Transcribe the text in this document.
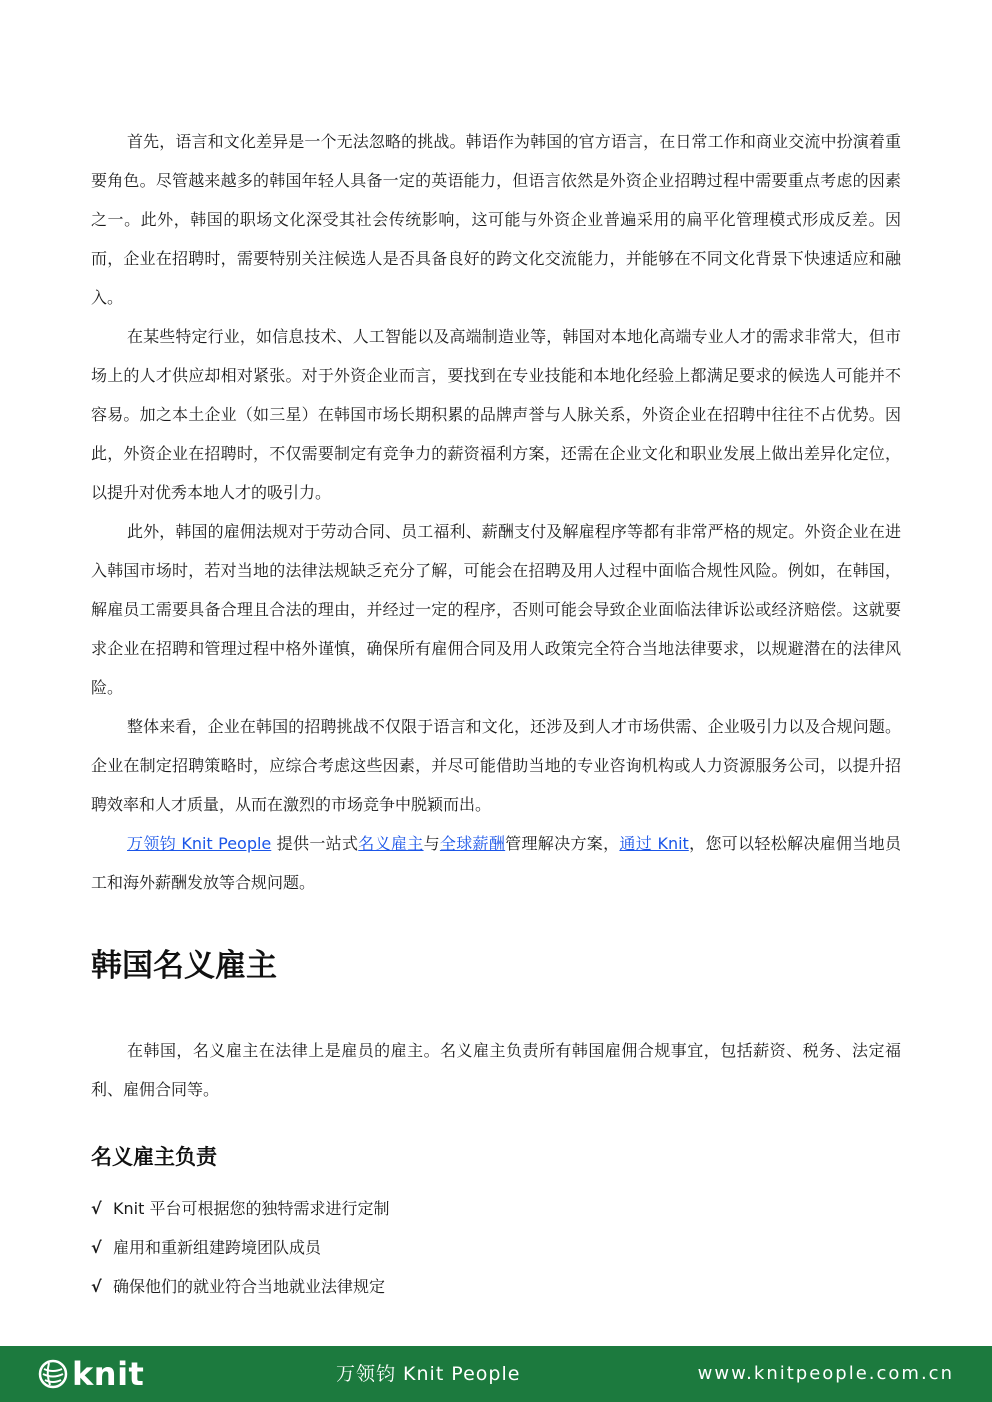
首先，语言和文化差异是一个无法忽略的挑战。韩语作为韩国的官方语言，在日常工作和商业交流中扮演着重要角色。尽管越来越多的韩国年轻人具备一定的英语能力，但语言依然是外资企业招聘过程中需要重点考虑的因素之一。此外，韩国的职场文化深受其社会传统影响，这可能与外资企业普遍采用的扁平化管理模式形成反差。因而，企业在招聘时，需要特别关注候选人是否具备良好的跨文化交流能力，并能够在不同文化背景下快速适应和融入。

在某些特定行业，如信息技术、人工智能以及高端制造业等，韩国对本地化高端专业人才的需求非常大，但市场上的人才供应却相对紧张。对于外资企业而言，要找到在专业技能和本地化经验上都满足要求的候选人可能并不容易。加之本土企业（如三星）在韩国市场长期积累的品牌声誉与人脉关系，外资企业在招聘中往往不占优势。因此，外资企业在招聘时，不仅需要制定有竞争力的薪资福利方案，还需在企业文化和职业发展上做出差异化定位，以提升对优秀本地人才的吸引力。

此外，韩国的雇佣法规对于劳动合同、员工福利、薪酬支付及解雇程序等都有非常严格的规定。外资企业在进入韩国市场时，若对当地的法律法规缺乏充分了解，可能会在招聘及用人过程中面临合规性风险。例如，在韩国，解雇员工需要具备合理且合法的理由，并经过一定的程序，否则可能会导致企业面临法律诉讼或经济赔偿。这就要求企业在招聘和管理过程中格外谨慎，确保所有雇佣合同及用人政策完全符合当地法律要求，以规避潜在的法律风险。

整体来看，企业在韩国的招聘挑战不仅限于语言和文化，还涉及到人才市场供需、企业吸引力以及合规问题。企业在制定招聘策略时，应综合考虑这些因素，并尽可能借助当地的专业咨询机构或人力资源服务公司，以提升招聘效率和人才质量，从而在激烈的市场竞争中脱颖而出。

万领钧 Knit People 提供一站式名义雇主与全球薪酬管理解决方案，通过 Knit，您可以轻松解决雇佣当地员工和海外薪酬发放等合规问题。

韩国名义雇主

在韩国，名义雇主在法律上是雇员的雇主。名义雇主负责所有韩国雇佣合规事宜，包括薪资、税务、法定福利、雇佣合同等。

名义雇主负责
√ Knit 平台可根据您的独特需求进行定制
√ 雇用和重新组建跨境团队成员
√ 确保他们的就业符合当地就业法律规定
knit	万领钧 Knit People	www.knitpeople.com.cn
